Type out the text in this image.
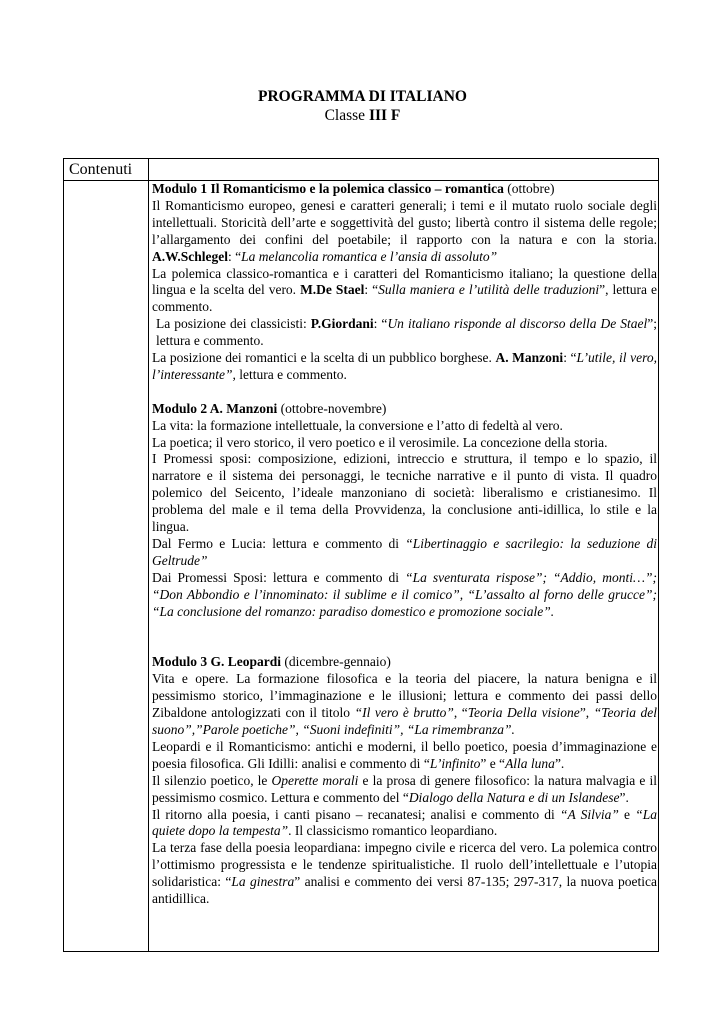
PROGRAMMA DI ITALIANO
Classe III F
Contenuti

Modulo 1 Il Romanticismo e la polemica classico – romantica (ottobre)

Il Romanticismo europeo, genesi e caratteri generali; i temi e il mutato ruolo sociale degli intellettuali. Storicità dell’arte e soggettività del gusto; libertà contro il sistema delle regole; l’allargamento dei confini del poetabile; il rapporto con la natura e con la storia. A.W.Schlegel: “La melancolia romantica e l’ansia di assoluto”

La polemica classico-romantica e i caratteri del Romanticismo italiano; la questione della lingua e la scelta del vero. M.De Stael: “Sulla maniera e l’utilità delle traduzioni”, lettura e commento.

La posizione dei classicisti: P.Giordani: “Un italiano risponde al discorso della De Stael”; lettura e commento.

La posizione dei romantici e la scelta di un pubblico borghese. A. Manzoni: “L’utile, il vero, l’interessante”, lettura e commento.

Modulo 2 A. Manzoni (ottobre-novembre)

La vita: la formazione intellettuale, la conversione e l’atto di fedeltà al vero.

La poetica; il vero storico, il vero poetico e il verosimile. La concezione della storia.

I Promessi sposi: composizione, edizioni, intreccio e struttura, il tempo e lo spazio, il narratore e il sistema dei personaggi, le tecniche narrative e il punto di vista. Il quadro polemico del Seicento, l’ideale manzoniano di società: liberalismo e cristianesimo. Il problema del male e il tema della Provvidenza, la conclusione anti-idillica, lo stile e la lingua.

Dal Fermo e Lucia: lettura e commento di “Libertinaggio e sacrilegio: la seduzione di Geltrude”

Dai Promessi Sposi: lettura e commento di “La sventurata rispose”; “Addio, monti…”; “Don Abbondio e l’innominato: il sublime e il comico”, “L’assalto al forno delle grucce”; “La conclusione del romanzo: paradiso domestico e promozione sociale”.

Modulo 3 G. Leopardi (dicembre-gennaio)

Vita e opere. La formazione filosofica e la teoria del piacere, la natura benigna e il pessimismo storico, l’immaginazione e le illusioni; lettura e commento dei passi dello Zibaldone antologizzati con il titolo “Il vero è brutto”, “Teoria Della visione”, “Teoria del suono”,”Parole poetiche”, “Suoni indefiniti”, “La rimembranza”.

Leopardi e il Romanticismo: antichi e moderni, il bello poetico, poesia d’immaginazione e poesia filosofica. Gli Idilli: analisi e commento di “L’infinito” e “Alla luna”.

Il silenzio poetico, le Operette morali e la prosa di genere filosofico: la natura malvagia e il pessimismo cosmico. Lettura e commento del “Dialogo della Natura e di un Islandese”.

Il ritorno alla poesia, i canti pisano – recanatesi; analisi e commento di “A Silvia” e “La quiete dopo la tempesta”. Il classicismo romantico leopardiano.

La terza fase della poesia leopardiana: impegno civile e ricerca del vero. La polemica contro l’ottimismo progressista e le tendenze spiritualistiche. Il ruolo dell’intellettuale e l’utopia solidaristica: “La ginestra” analisi e commento dei versi 87-135; 297-317, la nuova poetica antidillica.
